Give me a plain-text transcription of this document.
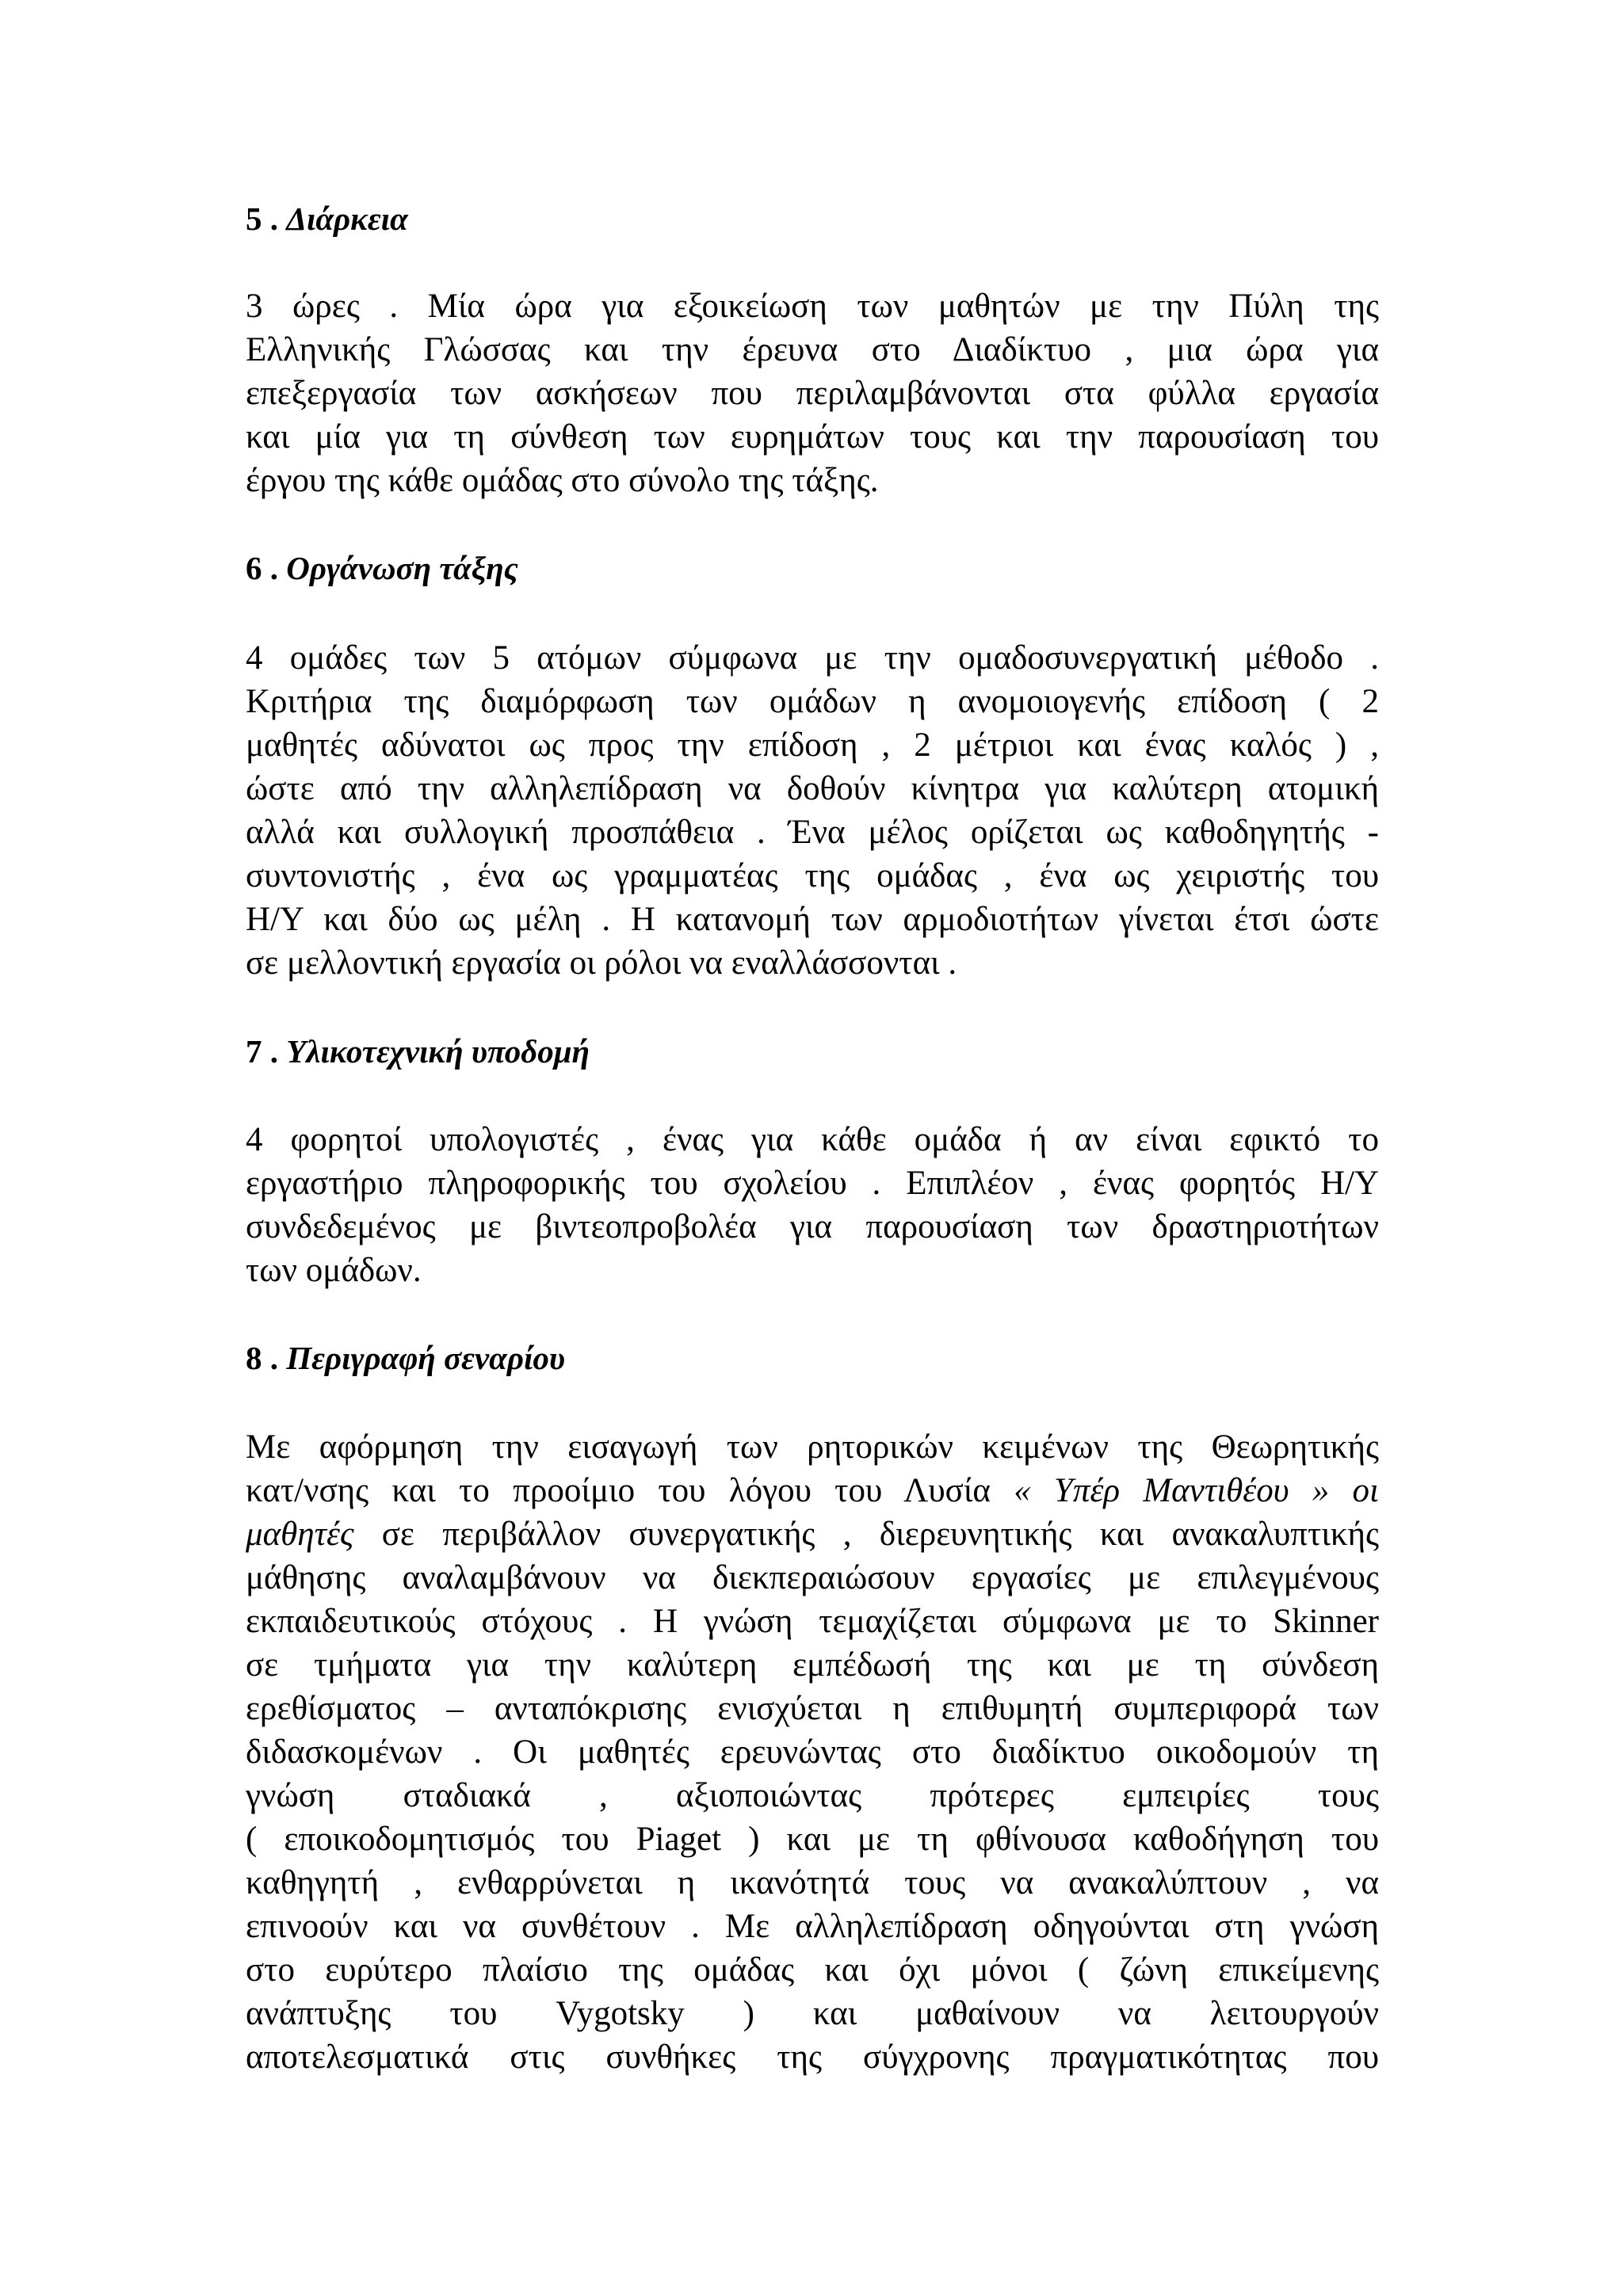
5 . Διάρκεια
3 ώρες . Μία ώρα για εξοικείωση των μαθητών με την Πύλη της
Ελληνικής Γλώσσας και την έρευνα στο Διαδίκτυο , μια ώρα για
επεξεργασία των ασκήσεων που περιλαμβάνονται στα φύλλα εργασία
και μία για τη σύνθεση των ευρημάτων τους και την παρουσίαση του
έργου της κάθε ομάδας στο σύνολο της τάξης.
6 . Οργάνωση τάξης
4 ομάδες των 5 ατόμων σύμφωνα με την ομαδοσυνεργατική μέθοδο .
Κριτήρια της διαμόρφωση των ομάδων η ανομοιογενής επίδοση ( 2
μαθητές αδύνατοι ως προς την επίδοση , 2 μέτριοι και ένας καλός ) ,
ώστε από την αλληλεπίδραση να δοθούν κίνητρα για καλύτερη ατομική
αλλά και συλλογική προσπάθεια . Ένα μέλος ορίζεται ως καθοδηγητής -
συντονιστής , ένα ως γραμματέας της ομάδας , ένα ως χειριστής του
Η/Υ και δύο ως μέλη . Η κατανομή των αρμοδιοτήτων γίνεται έτσι ώστε
σε μελλοντική εργασία οι ρόλοι να εναλλάσσονται .
7 . Υλικοτεχνική υποδομή
4 φορητοί υπολογιστές , ένας για κάθε ομάδα ή αν είναι εφικτό το
εργαστήριο πληροφορικής του σχολείου . Επιπλέον , ένας φορητός Η/Υ
συνδεδεμένος με βιντεοπροβολέα για παρουσίαση των δραστηριοτήτων
των ομάδων.
8 . Περιγραφή σεναρίου
Με αφόρμηση την εισαγωγή των ρητορικών κειμένων της Θεωρητικής
κατ/νσης και το προοίμιο του λόγου του Λυσία « Υπέρ Μαντιθέου » οι
μαθητές σε περιβάλλον συνεργατικής , διερευνητικής και ανακαλυπτικής
μάθησης αναλαμβάνουν να διεκπεραιώσουν εργασίες με επιλεγμένους
εκπαιδευτικούς στόχους . Η γνώση τεμαχίζεται σύμφωνα με το Skinner
σε τμήματα για την καλύτερη εμπέδωσή της και με τη σύνδεση
ερεθίσματος – ανταπόκρισης ενισχύεται η επιθυμητή συμπεριφορά των
διδασκομένων . Οι μαθητές ερευνώντας στο διαδίκτυο οικοδομούν τη
γνώση σταδιακά , αξιοποιώντας πρότερες εμπειρίες τους
( εποικοδομητισμός του Piaget ) και με τη φθίνουσα καθοδήγηση του
καθηγητή , ενθαρρύνεται η ικανότητά τους να ανακαλύπτουν , να
επινοούν και να συνθέτουν . Με αλληλεπίδραση οδηγούνται στη γνώση
στο ευρύτερο πλαίσιο της ομάδας και όχι μόνοι ( ζώνη επικείμενης
ανάπτυξης του Vygotsky ) και μαθαίνουν να λειτουργούν
αποτελεσματικά στις συνθήκες της σύγχρονης πραγματικότητας που
